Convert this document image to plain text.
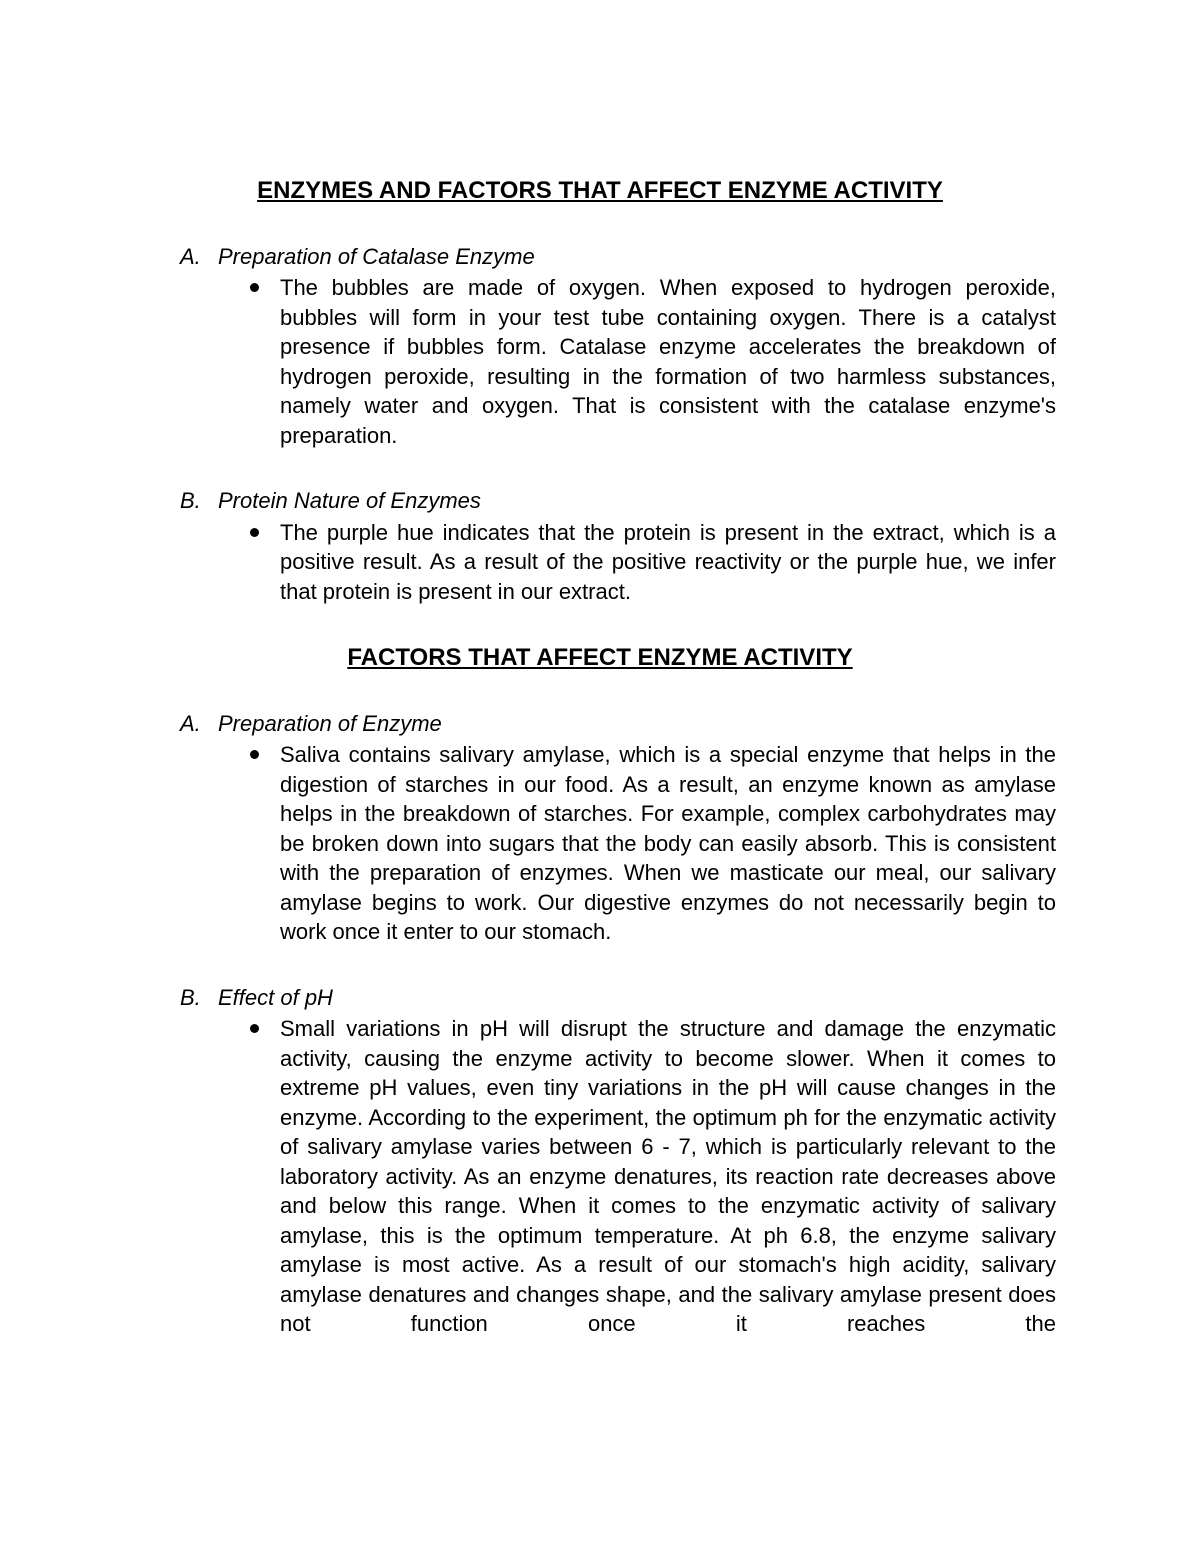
ENZYMES AND FACTORS THAT AFFECT ENZYME ACTIVITY
A. Preparation of Catalase Enzyme

The bubbles are made of oxygen. When exposed to hydrogen peroxide, bubbles will form in your test tube containing oxygen. There is a catalyst presence if bubbles form. Catalase enzyme accelerates the breakdown of hydrogen peroxide, resulting in the formation of two harmless substances, namely water and oxygen. That is consistent with the catalase enzyme's preparation.

B. Protein Nature of Enzymes

The purple hue indicates that the protein is present in the extract, which is a positive result. As a result of the positive reactivity or the purple hue, we infer that protein is present in our extract.

FACTORS THAT AFFECT ENZYME ACTIVITY
A. Preparation of Enzyme

Saliva contains salivary amylase, which is a special enzyme that helps in the digestion of starches in our food. As a result, an enzyme known as amylase helps in the breakdown of starches. For example, complex carbohydrates may be broken down into sugars that the body can easily absorb. This is consistent with the preparation of enzymes. When we masticate our meal, our salivary amylase begins to work. Our digestive enzymes do not necessarily begin to work once it enter to our stomach.

B. Effect of pH

Small variations in pH will disrupt the structure and damage the enzymatic activity, causing the enzyme activity to become slower. When it comes to extreme pH values, even tiny variations in the pH will cause changes in the enzyme. According to the experiment, the optimum ph for the enzymatic activity of salivary amylase varies between 6 - 7, which is particularly relevant to the laboratory activity. As an enzyme denatures, its reaction rate decreases above and below this range. When it comes to the enzymatic activity of salivary amylase, this is the optimum temperature. At ph 6.8, the enzyme salivary amylase is most active. As a result of our stomach's high acidity, salivary amylase denatures and changes shape, and the salivary amylase present does not function once it reaches the
